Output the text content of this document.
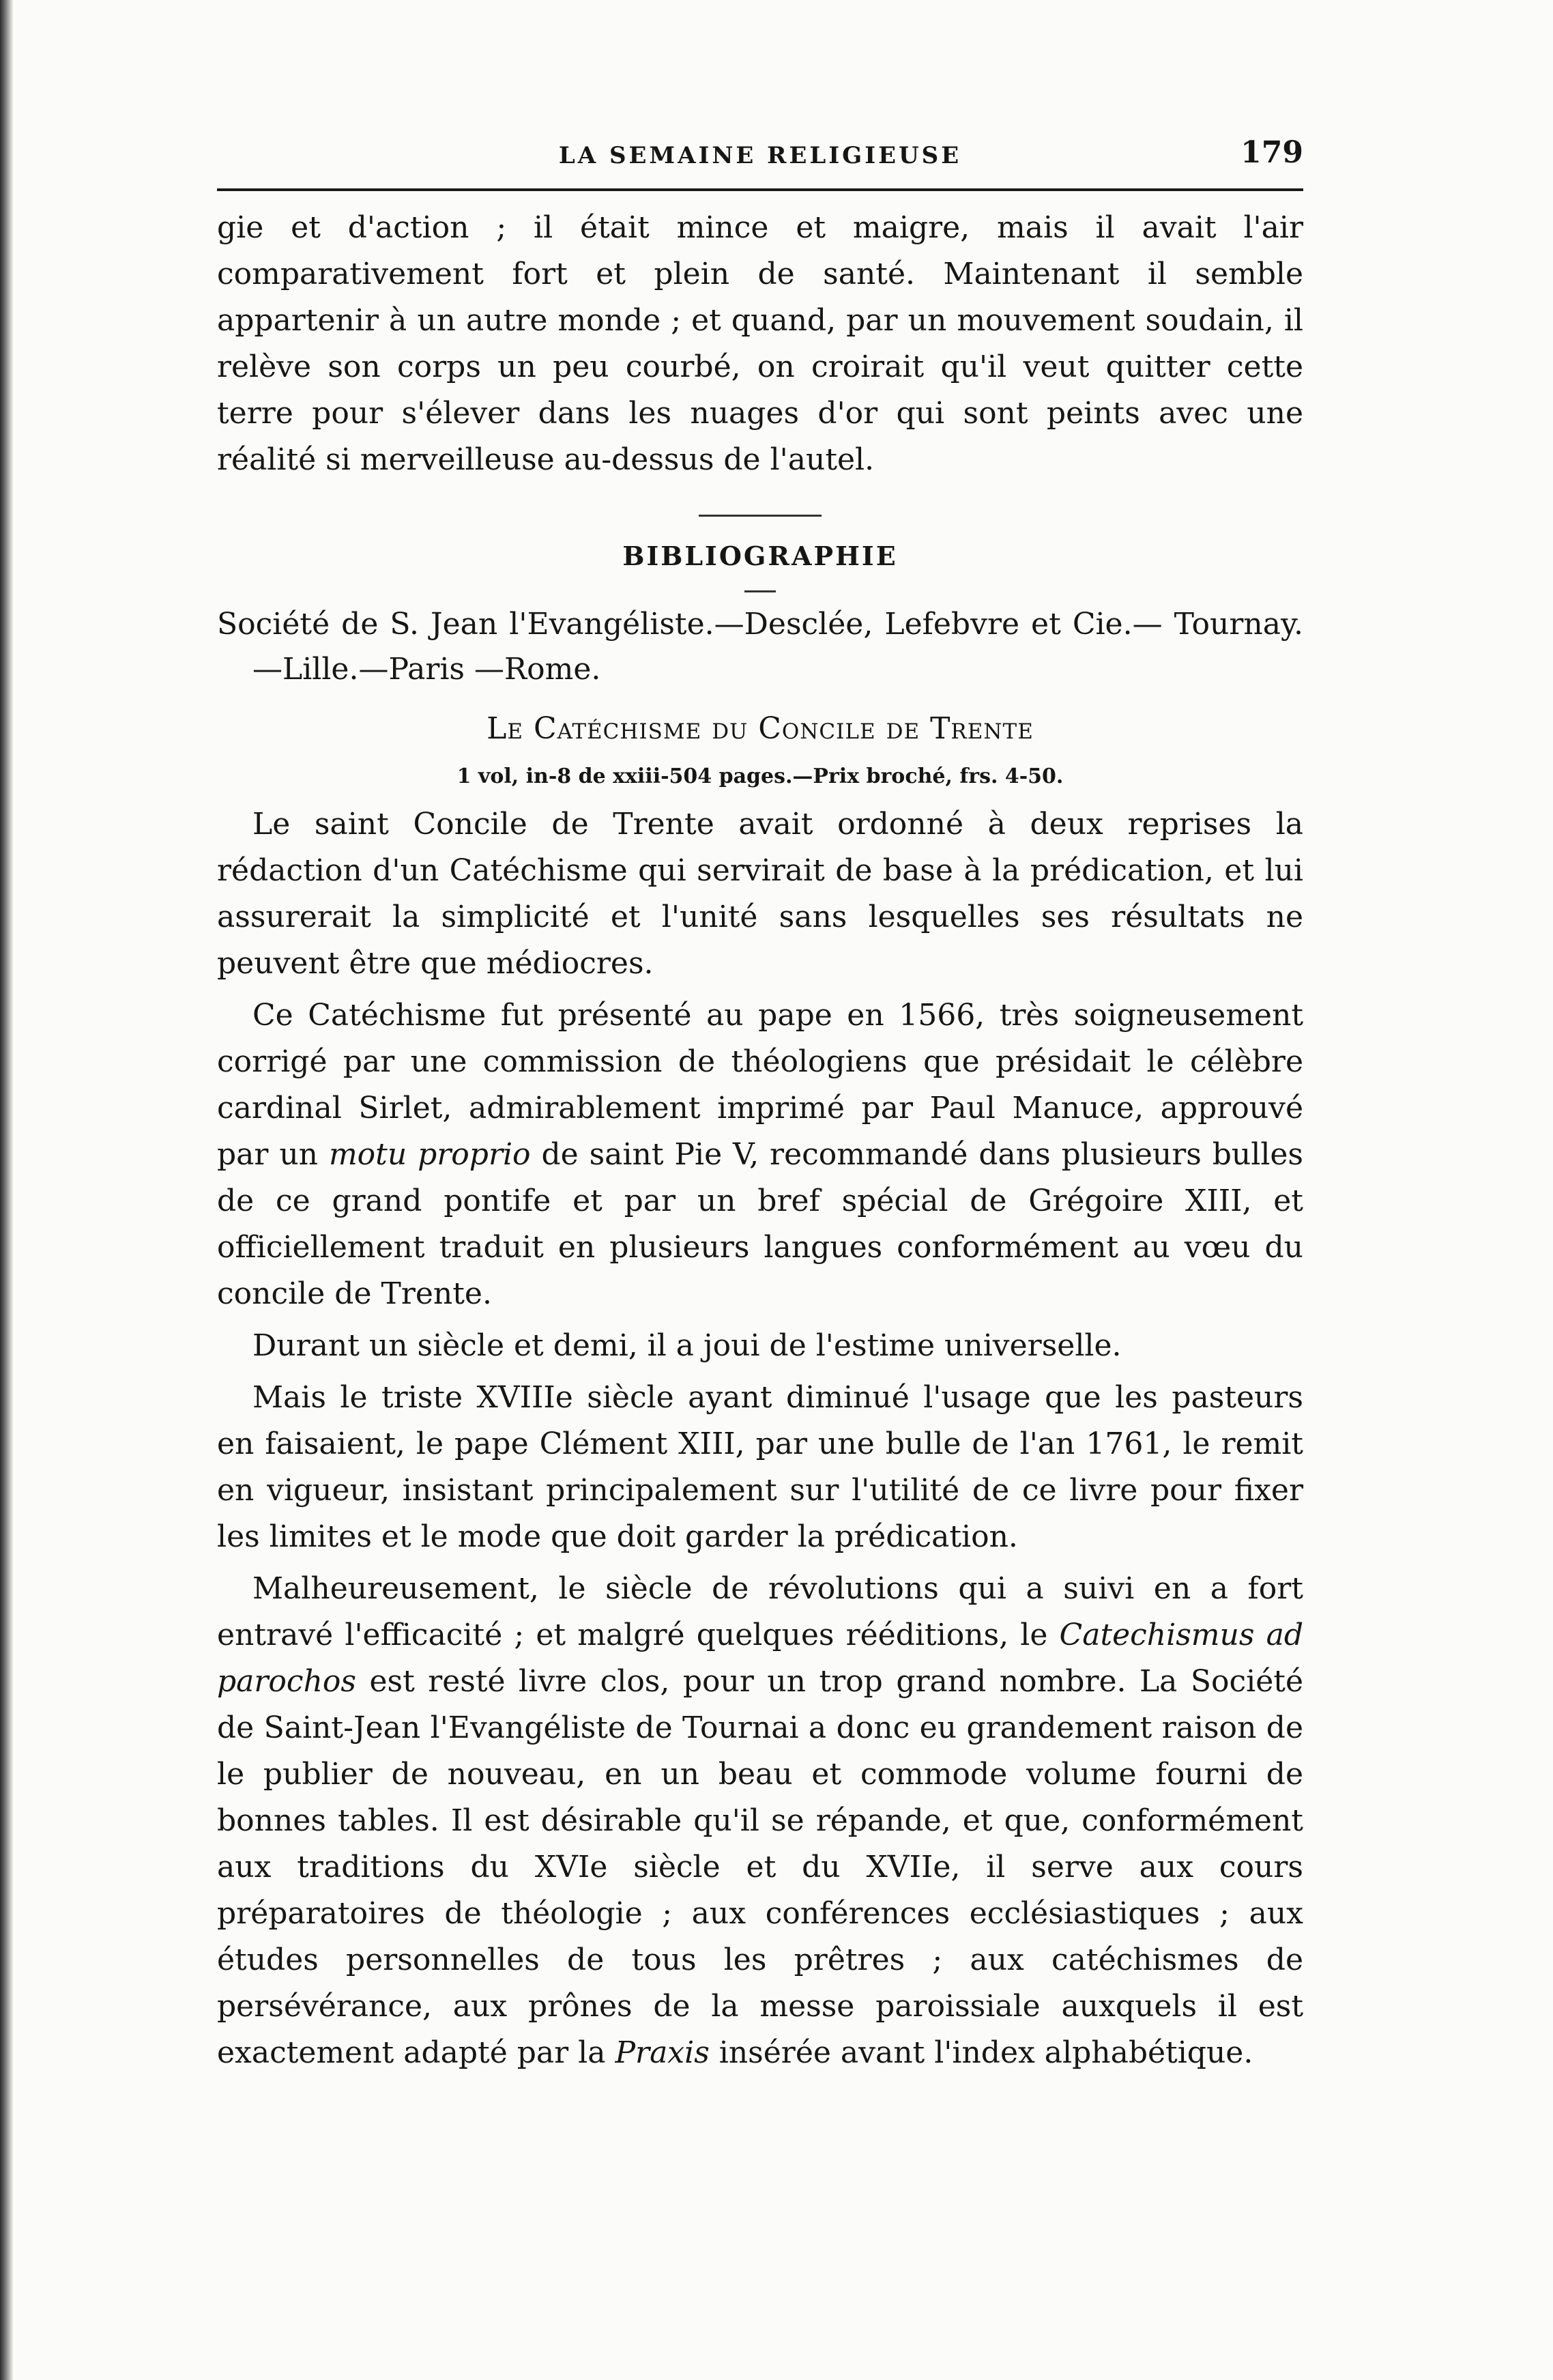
LA SEMAINE RELIGIEUSE	179

gie et d'action ; il était mince et maigre, mais il avait l'air comparativement fort et plein de santé. Maintenant il semble appartenir à un autre monde ; et quand, par un mouvement soudain, il relève son corps un peu courbé, on croirait qu'il veut quitter cette terre pour s'élever dans les nuages d'or qui sont peints avec une réalité si merveilleuse au-dessus de l'autel.

BIBLIOGRAPHIE

Société de S. Jean l'Evangéliste.—Desclée, Lefebvre et Cie.— Tournay.—Lille.—Paris —Rome.

Le Catéchisme du Concile de Trente
1 vol, in-8 de xxiii-504 pages.—Prix broché, frs. 4-50.

Le saint Concile de Trente avait ordonné à deux reprises la rédaction d'un Catéchisme qui servirait de base à la prédication, et lui assurerait la simplicité et l'unité sans lesquelles ses résultats ne peuvent être que médiocres.

Ce Catéchisme fut présenté au pape en 1566, très soigneusement corrigé par une commission de théologiens que présidait le célèbre cardinal Sirlet, admirablement imprimé par Paul Manuce, approuvé par un motu proprio de saint Pie V, recommandé dans plusieurs bulles de ce grand pontife et par un bref spécial de Grégoire XIII, et officiellement traduit en plusieurs langues conformément au vœu du concile de Trente.

Durant un siècle et demi, il a joui de l'estime universelle.

Mais le triste XVIIIe siècle ayant diminué l'usage que les pasteurs en faisaient, le pape Clément XIII, par une bulle de l'an 1761, le remit en vigueur, insistant principalement sur l'utilité de ce livre pour fixer les limites et le mode que doit garder la prédication.

Malheureusement, le siècle de révolutions qui a suivi en a fort entravé l'efficacité ; et malgré quelques rééditions, le Catechismus ad parochos est resté livre clos, pour un trop grand nombre. La Société de Saint-Jean l'Evangéliste de Tournai a donc eu grandement raison de le publier de nouveau, en un beau et commode volume fourni de bonnes tables. Il est désirable qu'il se répande, et que, conformément aux traditions du XVIe siècle et du XVIIe, il serve aux cours préparatoires de théologie ; aux conférences ecclésiastiques ; aux études personnelles de tous les prêtres ; aux catéchismes de persévérance, aux prônes de la messe paroissiale auxquels il est exactement adapté par la Praxis insérée avant l'index alphabétique.
